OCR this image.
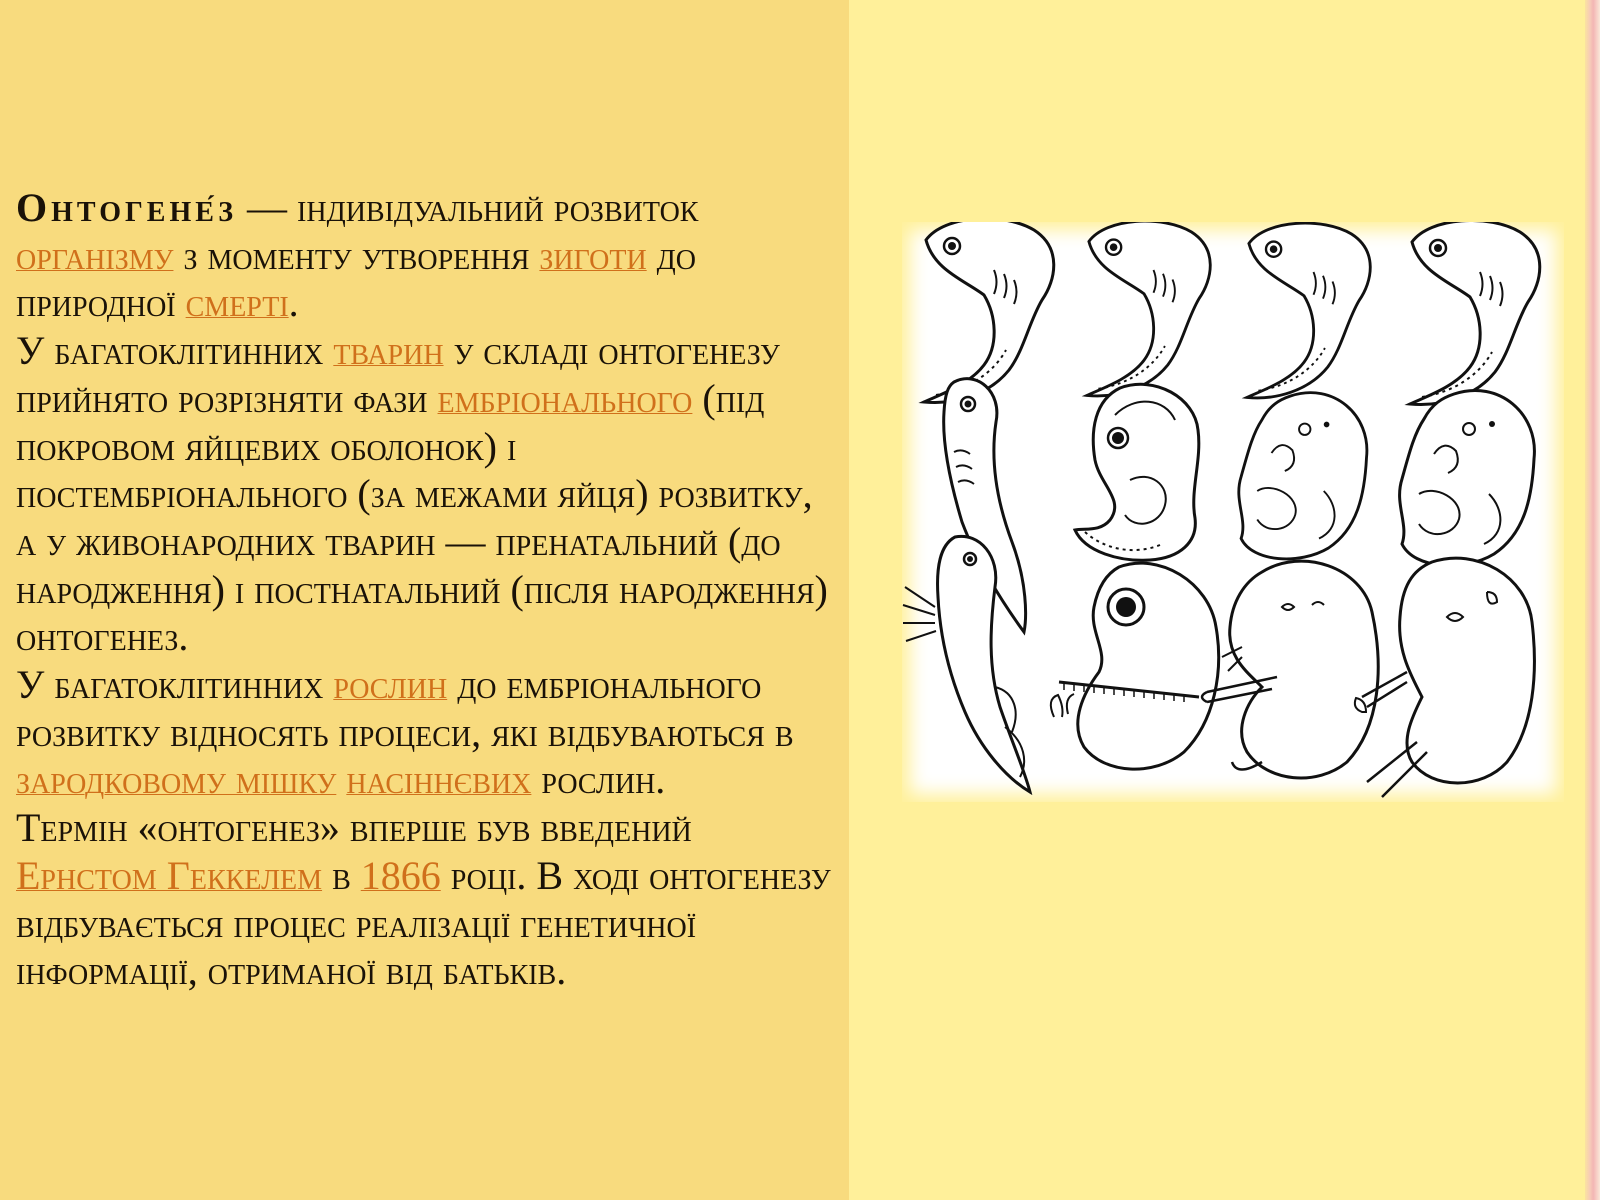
Онтогене́з — індивідуальний розвиток організму з моменту утворення зиготи до природної смерті.

У багатоклітинних тварин у складі онтогенезу прийнято розрізняти фази ембріонального (під покровом яйцевих оболонок) і постембріонального (за межами яйця) розвитку, а у живонародних тварин — пренатальний (до народження) і постнатальний (після народження) онтогенез.

У багатоклітинних рослин до ембріонального розвитку відносять процеси, які відбуваються в зародковому мішку насіннєвих рослин.

Термін «онтогенез» вперше був введений Ернстом Геккелем в 1866 році. В ході онтогенезу відбувається процес реалізації генетичної інформації, отриманої від батьків.
